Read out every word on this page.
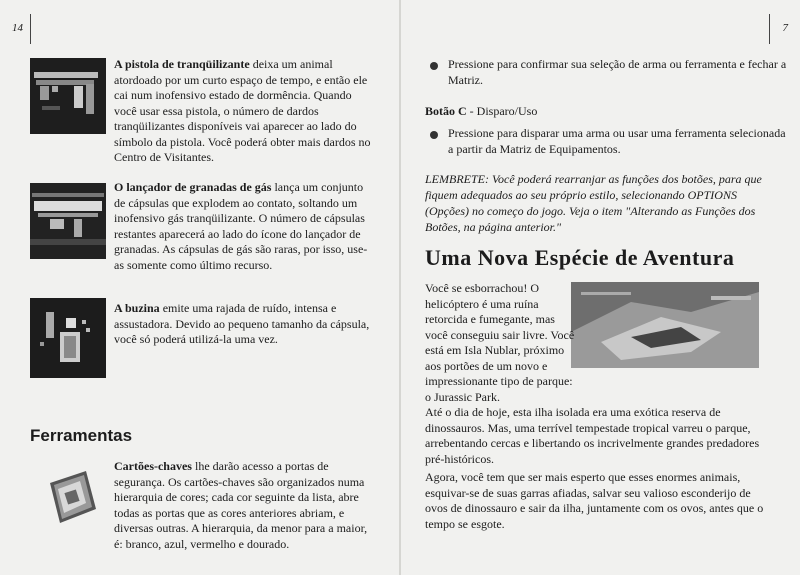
14
A pistola de tranqüilizante deixa um animal atordoado por um curto espaço de tempo, e então ele cai num inofensivo estado de dormência. Quando você usar essa pistola, o número de dardos tranqüilizantes disponíveis vai aparecer ao lado do símbolo da pistola. Você poderá obter mais dardos no Centro de Visitantes.
O lançador de granadas de gás lança um conjunto de cápsulas que explodem ao contato, soltando um inofensivo gás tranqüilizante. O número de cápsulas restantes aparecerá ao lado do ícone do lançador de granadas. As cápsulas de gás são raras, por isso, use-as somente como último recurso.
A buzina emite uma rajada de ruído, intensa e assustadora. Devido ao pequeno tamanho da cápsula, você só poderá utilizá-la uma vez.
Ferramentas
Cartões-chaves lhe darão acesso a portas de segurança. Os cartões-chaves são organizados numa hierarquia de cores; cada cor seguinte da lista, abre todas as portas que as cores anteriores abriam, e diversas outras. A hierarquia, da menor para a maior, é: branco, azul, vermelho e dourado.
7
Pressione para confirmar sua seleção de arma ou ferramenta e fechar a Matriz.
Botão C - Disparo/Uso
Pressione para disparar uma arma ou usar uma ferramenta selecionada a partir da Matriz de Equipamentos.
LEMBRETE: Você poderá rearranjar as funções dos botões, para que fiquem adequados ao seu próprio estilo, selecionando OPTIONS (Opções) no começo do jogo. Veja o item "Alterando as Funções dos Botões, na página anterior."
Uma Nova Espécie de Aventura
Você se esborrachou! O helicóptero é uma ruína retorcida e fumegante, mas você conseguiu sair livre. Você está em Isla Nublar, próximo aos portões de um novo e impressionante tipo de parque: o Jurassic Park.
Até o dia de hoje, esta ilha isolada era uma exótica reserva de dinossauros. Mas, uma terrível tempestade tropical varreu o parque, arrebentando cercas e libertando os incrivelmente grandes predadores pré-históricos.
Agora, você tem que ser mais esperto que esses enormes animais, esquivar-se de suas garras afiadas, salvar seu valioso esconderijo de ovos de dinossauro e sair da ilha, juntamente com os ovos, antes que o tempo se esgote.
